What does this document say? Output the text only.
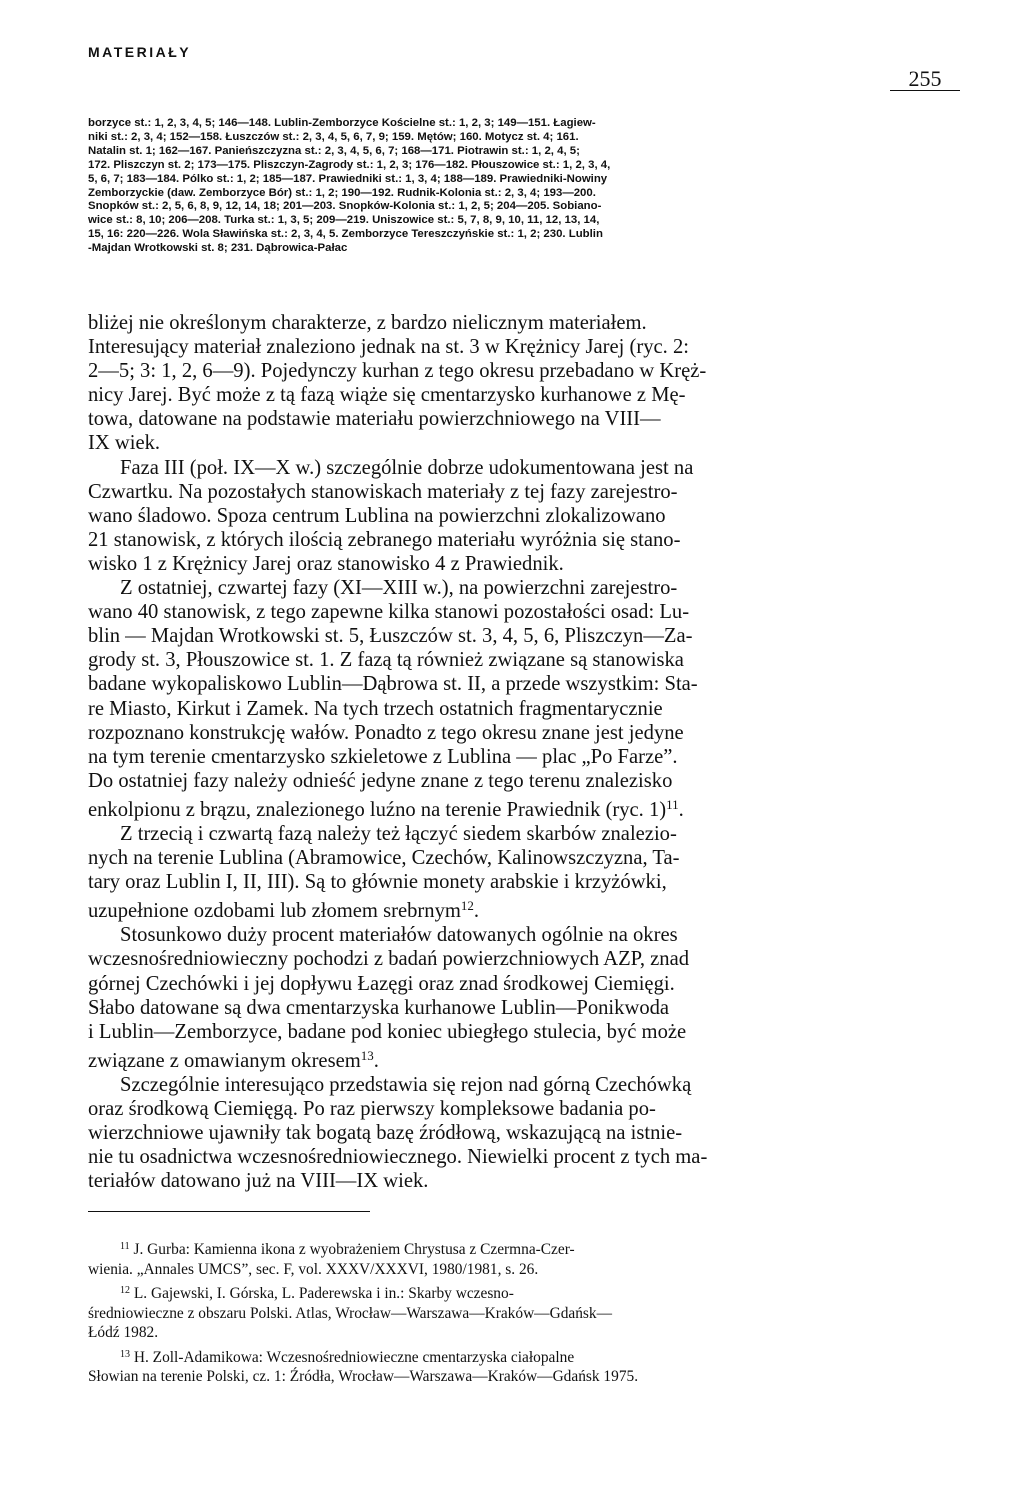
MATERIAŁY
255
borzyce st.: 1, 2, 3, 4, 5; 146—148. Lublin-Zemborzyce Kościelne st.: 1, 2, 3; 149—151. Łagiew-
niki st.: 2, 3, 4; 152—158. Łuszczów st.: 2, 3, 4, 5, 6, 7, 9; 159. Mętów; 160. Motycz st. 4; 161.
Natalin st. 1; 162—167. Panieńszczyzna st.: 2, 3, 4, 5, 6, 7; 168—171. Piotrawin st.: 1, 2, 4, 5;
172. Pliszczyn st. 2; 173—175. Pliszczyn-Zagrody st.: 1, 2, 3; 176—182. Płouszowice st.: 1, 2, 3, 4,
5, 6, 7; 183—184. Pólko st.: 1, 2; 185—187. Prawiedniki st.: 1, 3, 4; 188—189. Prawiedniki-Nowiny
Zemborzyckie (daw. Zemborzyce Bór) st.: 1, 2; 190—192. Rudnik-Kolonia st.: 2, 3, 4; 193—200.
Snopków st.: 2, 5, 6, 8, 9, 12, 14, 18; 201—203. Snopków-Kolonia st.: 1, 2, 5; 204—205. Sobiano-
wice st.: 8, 10; 206—208. Turka st.: 1, 3, 5; 209—219. Uniszowice st.: 5, 7, 8, 9, 10, 11, 12, 13, 14,
15, 16: 220—226. Wola Sławińska st.: 2, 3, 4, 5. Zemborzyce Tereszczyńskie st.: 1, 2; 230. Lublin
-Majdan Wrotkowski st. 8; 231. Dąbrowica-Pałac
bliżej nie określonym charakterze, z bardzo nielicznym materiałem.
Interesujący materiał znaleziono jednak na st. 3 w Krężnicy Jarej (ryc. 2:
2—5; 3: 1, 2, 6—9). Pojedynczy kurhan z tego okresu przebadano w Kręż-
nicy Jarej. Być może z tą fazą wiąże się cmentarzysko kurhanowe z Mę-
towa, datowane na podstawie materiału powierzchniowego na VIII—
IX wiek.
Faza III (poł. IX—X w.) szczególnie dobrze udokumentowana jest na
Czwartku. Na pozostałych stanowiskach materiały z tej fazy zarejestro-
wano śladowo. Spoza centrum Lublina na powierzchni zlokalizowano
21 stanowisk, z których ilością zebranego materiału wyróżnia się stano-
wisko 1 z Krężnicy Jarej oraz stanowisko 4 z Prawiednik.
Z ostatniej, czwartej fazy (XI—XIII w.), na powierzchni zarejestro-
wano 40 stanowisk, z tego zapewne kilka stanowi pozostałości osad: Lu-
blin — Majdan Wrotkowski st. 5, Łuszczów st. 3, 4, 5, 6, Pliszczyn—Za-
grody st. 3, Płouszowice st. 1. Z fazą tą również związane są stanowiska
badane wykopaliskowo Lublin—Dąbrowa st. II, a przede wszystkim: Sta-
re Miasto, Kirkut i Zamek. Na tych trzech ostatnich fragmentarycznie
rozpoznano konstrukcję wałów. Ponadto z tego okresu znane jest jedyne
na tym terenie cmentarzysko szkieletowe z Lublina — plac „Po Farze”.
Do ostatniej fazy należy odnieść jedyne znane z tego terenu znalezisko
enkolpionu z brązu, znalezionego luźno na terenie Prawiednik (ryc. 1)$^{11}$.
Z trzecią i czwartą fazą należy też łączyć siedem skarbów znalezio-
nych na terenie Lublina (Abramowice, Czechów, Kalinowszczyzna, Ta-
tary oraz Lublin I, II, III). Są to głównie monety arabskie i krzyżówki,
uzupełnione ozdobami lub złomem srebrnym$^{12}$.
Stosunkowo duży procent materiałów datowanych ogólnie na okres
wczesnośredniowieczny pochodzi z badań powierzchniowych AZP, znad
górnej Czechówki i jej dopływu Łazęgi oraz znad środkowej Ciemięgi.
Słabo datowane są dwa cmentarzyska kurhanowe Lublin—Ponikwoda
i Lublin—Zemborzyce, badane pod koniec ubiegłego stulecia, być może
związane z omawianym okresem$^{13}$.
Szczególnie interesująco przedstawia się rejon nad górną Czechówką
oraz środkową Ciemięgą. Po raz pierwszy kompleksowe badania po-
wierzchniowe ujawniły tak bogatą bazę źródłową, wskazującą na istnie-
nie tu osadnictwa wczesnośredniowiecznego. Niewielki procent z tych ma-
teriałów datowano już na VIII—IX wiek.
$^{11}$ J. Gurba: Kamienna ikona z wyobrażeniem Chrystusa z Czermna-Czer-
wienia. „Annales UMCS”, sec. F, vol. XXXV/XXXVI, 1980/1981, s. 26.
$^{12}$ L. Gajewski, I. Górska, L. Paderewska i in.: Skarby wczesno-
średniowieczne z obszaru Polski. Atlas, Wrocław—Warszawa—Kraków—Gdańsk—
Łódź 1982.
$^{13}$ H. Zoll-Adamikowa: Wczesnośredniowieczne cmentarzyska ciałopalne
Słowian na terenie Polski, cz. 1: Źródła, Wrocław—Warszawa—Kraków—Gdańsk 1975.
